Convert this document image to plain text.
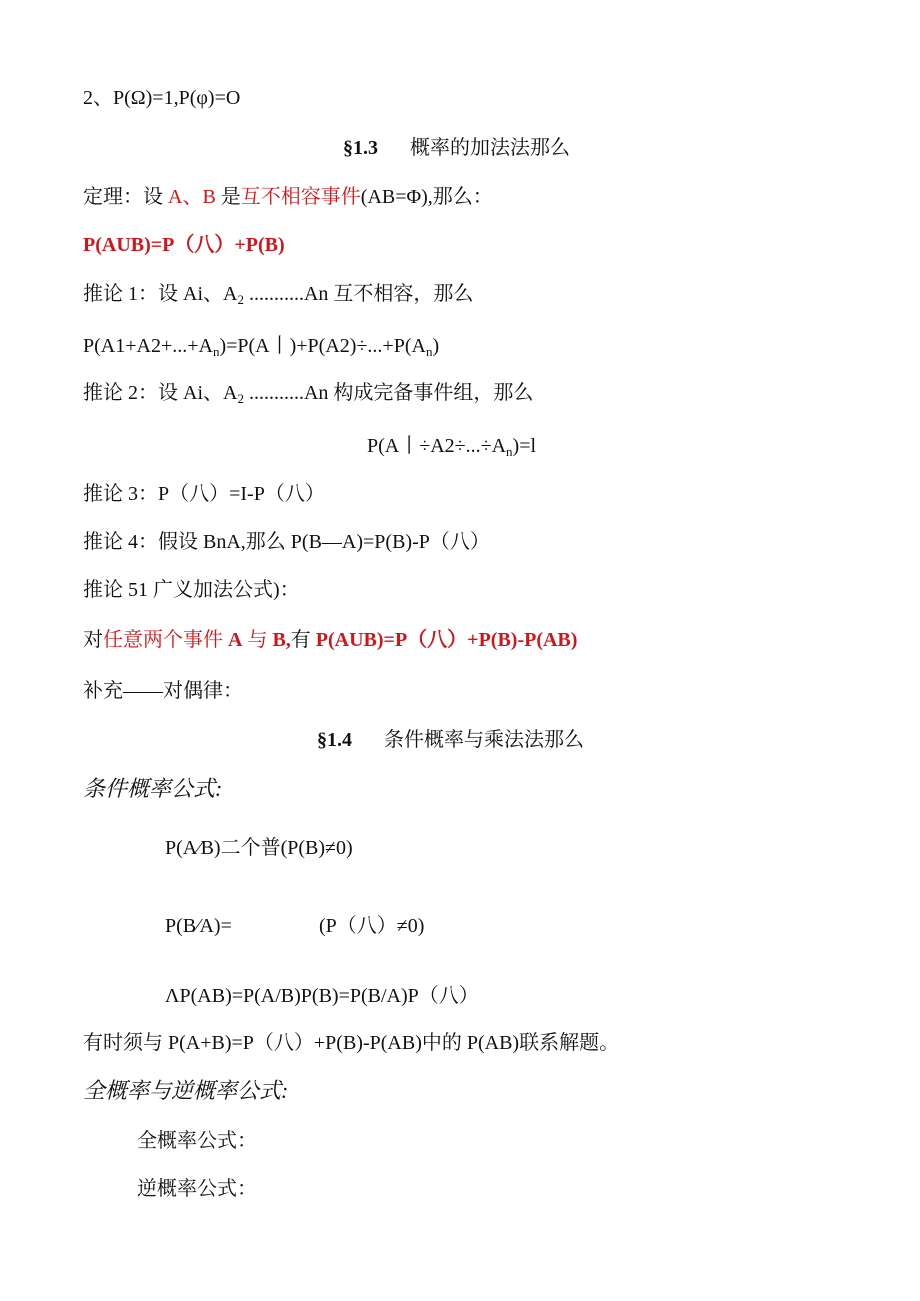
2、P(Ω)=1,P(φ)=O
§1.3 概率的加法法那么
定理：设 A、B 是互不相容事件(AB=Φ),那么：
P(AUB)=P（八）+P(B)
推论 1：设 Ai、$A_2$ ...........An 互不相容，那么
$P(A1+A2+...+A_n)=P(A$丨)$+P(A2)\div...+P(A_n)$
推论 2：设 Ai、$A_2$ ...........An 构成完备事件组，那么
P(A丨$\div A2\div...\div A_n)=l$
推论 3：P（八）=I-P（八）
推论 4：假设 BnA,那么 P(B—A)=P(B)-P（八）
推论 51 广义加法公式)：
对任意两个事件 A 与 B,有 P(AUB)=P（八）+P(B)-P(AB)
补充——对偶律：
§1.4 条件概率与乘法法那么
条件概率公式:
P(A⁄B)二个普(P(B)≠0)
P(B⁄A)=	(P（八）≠0)
ΛP(AB)=P(A/B)P(B)=P(B/A)P（八）
有时须与 P(A+B)=P（八）+P(B)-P(AB)中的 P(AB)联系解题。
全概率与逆概率公式:
全概率公式：
逆概率公式：
